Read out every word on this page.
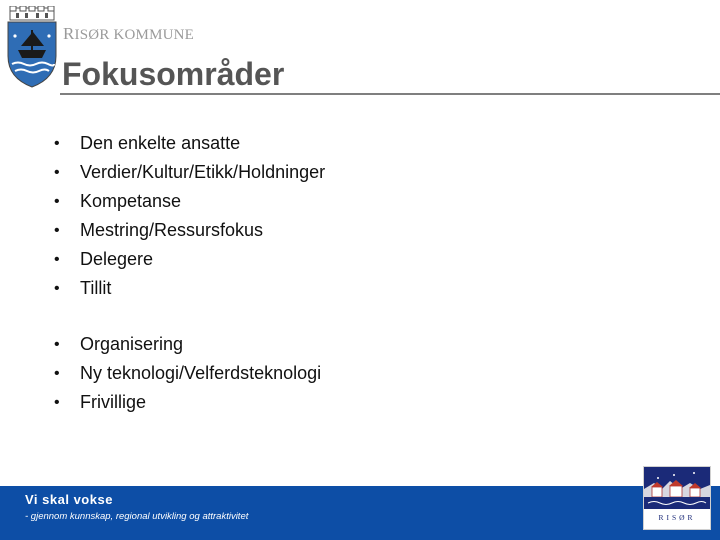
RISØR KOMMUNE
Fokusområder
• Den enkelte ansatte
• Verdier/Kultur/Etikk/Holdninger
• Kompetanse
• Mestring/Ressursfokus
• Delegere
• Tillit
• Organisering
• Ny teknologi/Velferdsteknologi
• Frivillige
Vi skal vokse
- gjennom kunnskap, regional utvikling og attraktivitet	RISØR
